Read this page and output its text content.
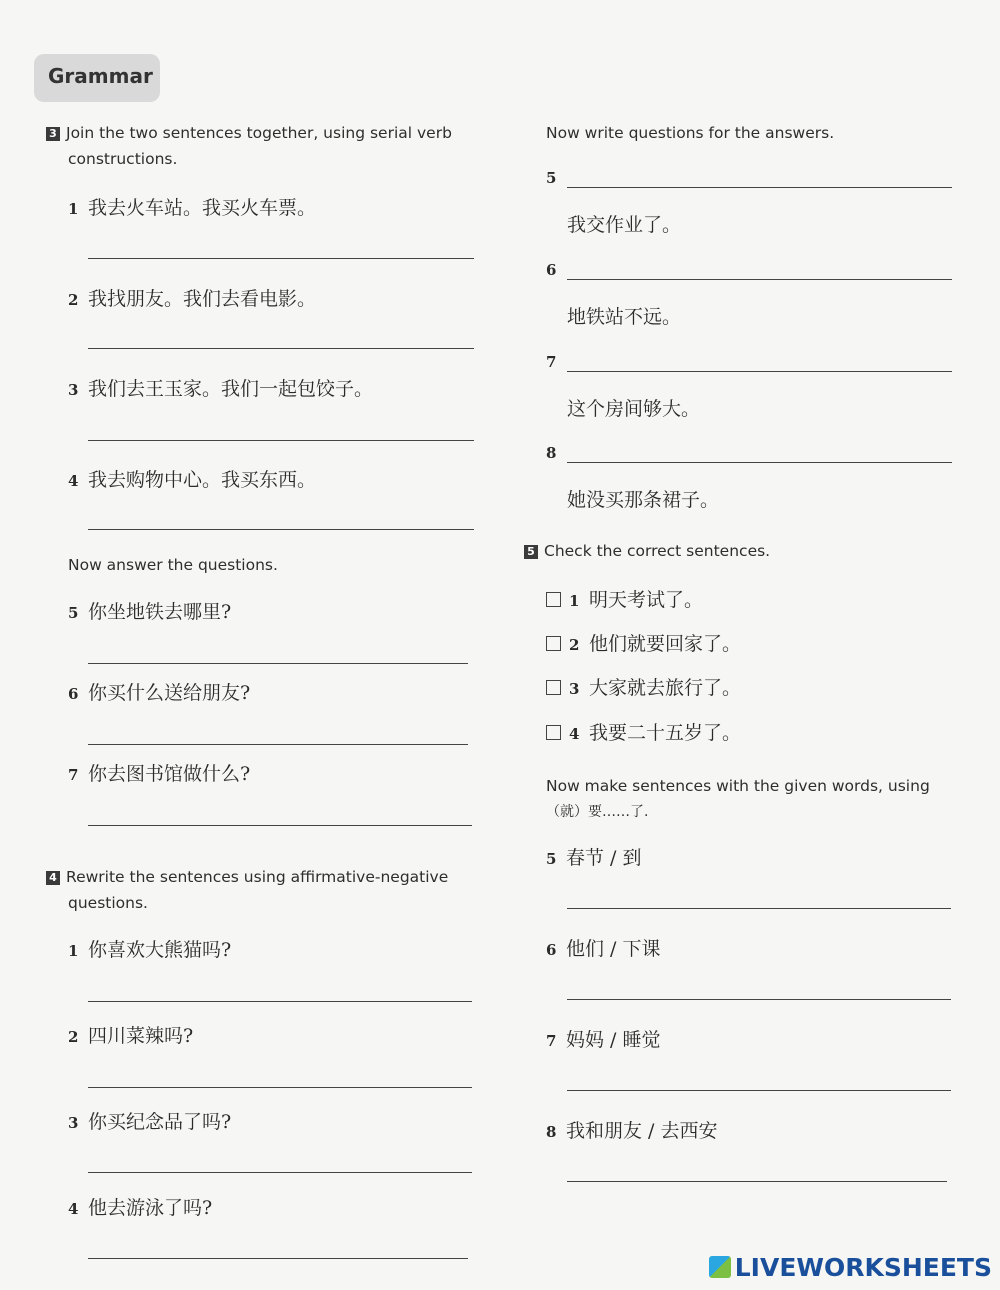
Grammar
3 Join the two sentences together, using serial verb
constructions.
1 我去火车站。我买火车票。
2 我找朋友。我们去看电影。
3 我们去王玉家。我们一起包饺子。
4 我去购物中心。我买东西。
Now answer the questions.
5 你坐地铁去哪里?
6 你买什么送给朋友?
7 你去图书馆做什么?
4 Rewrite the sentences using affirmative-negative
questions.
1 你喜欢大熊猫吗?
2 四川菜辣吗?
3 你买纪念品了吗?
4 他去游泳了吗?
Now write questions for the answers.
5
我交作业了。
6
地铁站不远。
7
这个房间够大。
8
她没买那条裙子。
5 Check the correct sentences.
1 明天考试了。
2 他们就要回家了。
3 大家就去旅行了。
4 我要二十五岁了。
Now make sentences with the given words, using
（就）要……了.
5 春节 / 到
6 他们 / 下课
7 妈妈 / 睡觉
8 我和朋友 / 去西安
LIVEWORKSHEETS
